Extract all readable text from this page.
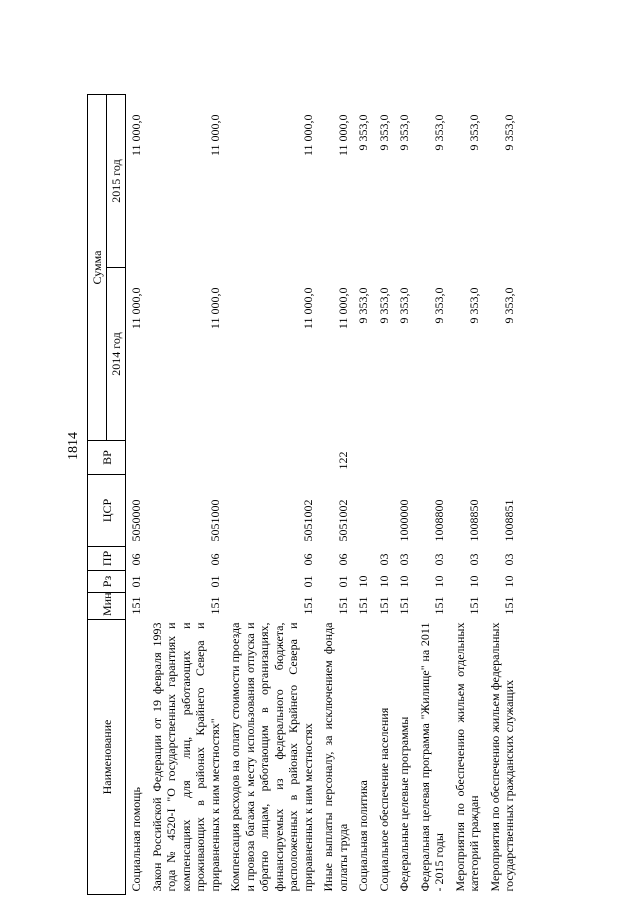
1814
Наименование	Мин	Рз	ПР	ЦСР	ВР	Сумма	
						2014 год	2015 год
Социальная помощь	151	01	06	5050000		11 000,0	11 000,0
Закон Российской Федерации от 19 февраля 1993 года № 4520-I "О государственных гарантиях и компенсациях для лиц, работающих и проживающих в районах Крайнего Севера и приравненных к ним местностях"	151	01	06	5051000		11 000,0	11 000,0
Компенсация расходов на оплату стоимости проезда и провоза багажа к месту использования отпуска и обратно лицам, работающим в организациях, финансируемых из федерального бюджета, расположенных в районах Крайнего Севера и приравненных к ним местностях	151	01	06	5051002		11 000,0	11 000,0
Иные выплаты персоналу, за исключением фонда оплаты труда	151	01	06	5051002	122	11 000,0	11 000,0
Социальная политика	151	10				9 353,0	9 353,0
Социальное обеспечение населения	151	10	03			9 353,0	9 353,0
Федеральные целевые программы	151	10	03	1000000		9 353,0	9 353,0
Федеральная целевая программа "Жилище" на 2011 - 2015 годы	151	10	03	1008800		9 353,0	9 353,0
Мероприятия по обеспечению жильем отдельных категорий граждан	151	10	03	1008850		9 353,0	9 353,0
Мероприятия по обеспечению жильем федеральных государственных гражданских служащих	151	10	03	1008851		9 353,0	9 353,0
